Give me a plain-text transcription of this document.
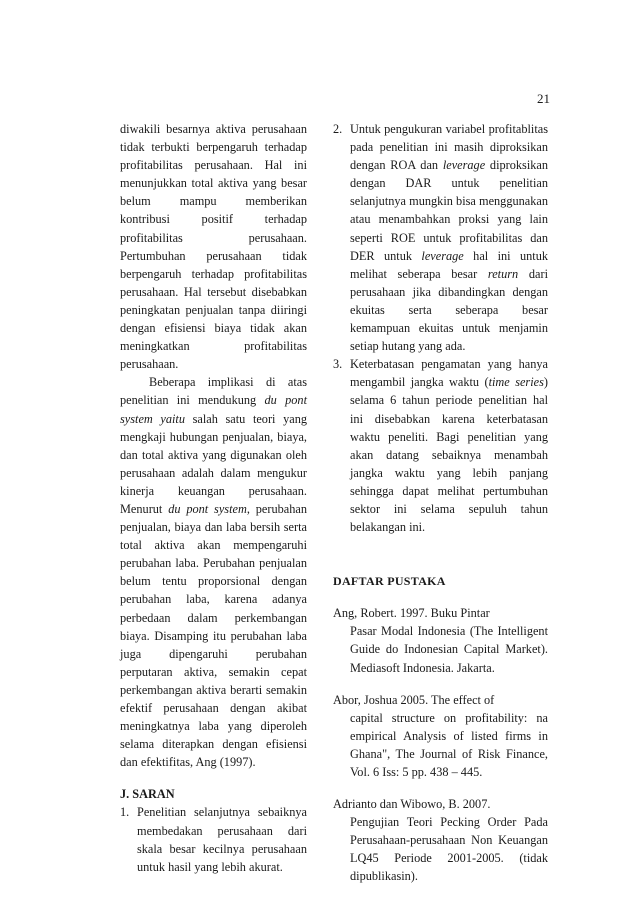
21

diwakili besarnya aktiva perusahaan tidak terbukti berpengaruh terhadap profitabilitas perusahaan. Hal ini menunjukkan total aktiva yang besar belum mampu memberikan kontribusi positif terhadap profitabilitas perusahaan. Pertumbuhan perusahaan tidak berpengaruh terhadap profitabilitas perusahaan. Hal tersebut disebabkan peningkatan penjualan tanpa diiringi dengan efisiensi biaya tidak akan meningkatkan profitabilitas perusahaan.

Beberapa implikasi di atas penelitian ini mendukung du pont system yaitu salah satu teori yang mengkaji hubungan penjualan, biaya, dan total aktiva yang digunakan oleh perusahaan adalah dalam mengukur kinerja keuangan perusahaan. Menurut du pont system, perubahan penjualan, biaya dan laba bersih serta total aktiva akan mempengaruhi perubahan laba. Perubahan penjualan belum tentu proporsional dengan perubahan laba, karena adanya perbedaan dalam perkembangan biaya. Disamping itu perubahan laba juga dipengaruhi perubahan perputaran aktiva, semakin cepat perkembangan aktiva berarti semakin efektif perusahaan dengan akibat meningkatnya laba yang diperoleh selama diterapkan dengan efisiensi dan efektifitas, Ang (1997).

J. SARAN

1. Penelitian selanjutnya sebaiknya membedakan perusahaan dari skala besar kecilnya perusahaan untuk hasil yang lebih akurat.
2. Untuk pengukuran variabel profitablitas pada penelitian ini masih diproksikan dengan ROA dan leverage diproksikan dengan DAR untuk penelitian selanjutnya mungkin bisa menggunakan atau menambahkan proksi yang lain seperti ROE untuk profitabilitas dan DER untuk leverage hal ini untuk melihat seberapa besar return dari perusahaan jika dibandingkan dengan ekuitas serta seberapa besar kemampuan ekuitas untuk menjamin setiap hutang yang ada.
3. Keterbatasan pengamatan yang hanya mengambil jangka waktu (time series) selama 6 tahun periode penelitian hal ini disebabkan karena keterbatasan waktu peneliti. Bagi penelitian yang akan datang sebaiknya menambah jangka waktu yang lebih panjang sehingga dapat melihat pertumbuhan sektor ini selama sepuluh tahun belakangan ini.

DAFTAR PUSTAKA

Ang, Robert. 1997. Buku Pintar
Pasar Modal Indonesia (The Intelligent Guide do Indonesian Capital Market). Mediasoft Indonesia. Jakarta.
Abor, Joshua 2005. The effect of
capital structure on profitability: na empirical Analysis of listed firms in Ghana", The Journal of Risk Finance, Vol. 6 Iss: 5 pp. 438 – 445.
Adrianto dan Wibowo, B. 2007.
Pengujian Teori Pecking Order Pada Perusahaan-perusahaan Non Keuangan LQ45 Periode 2001-2005. (tidak dipublikasin).
